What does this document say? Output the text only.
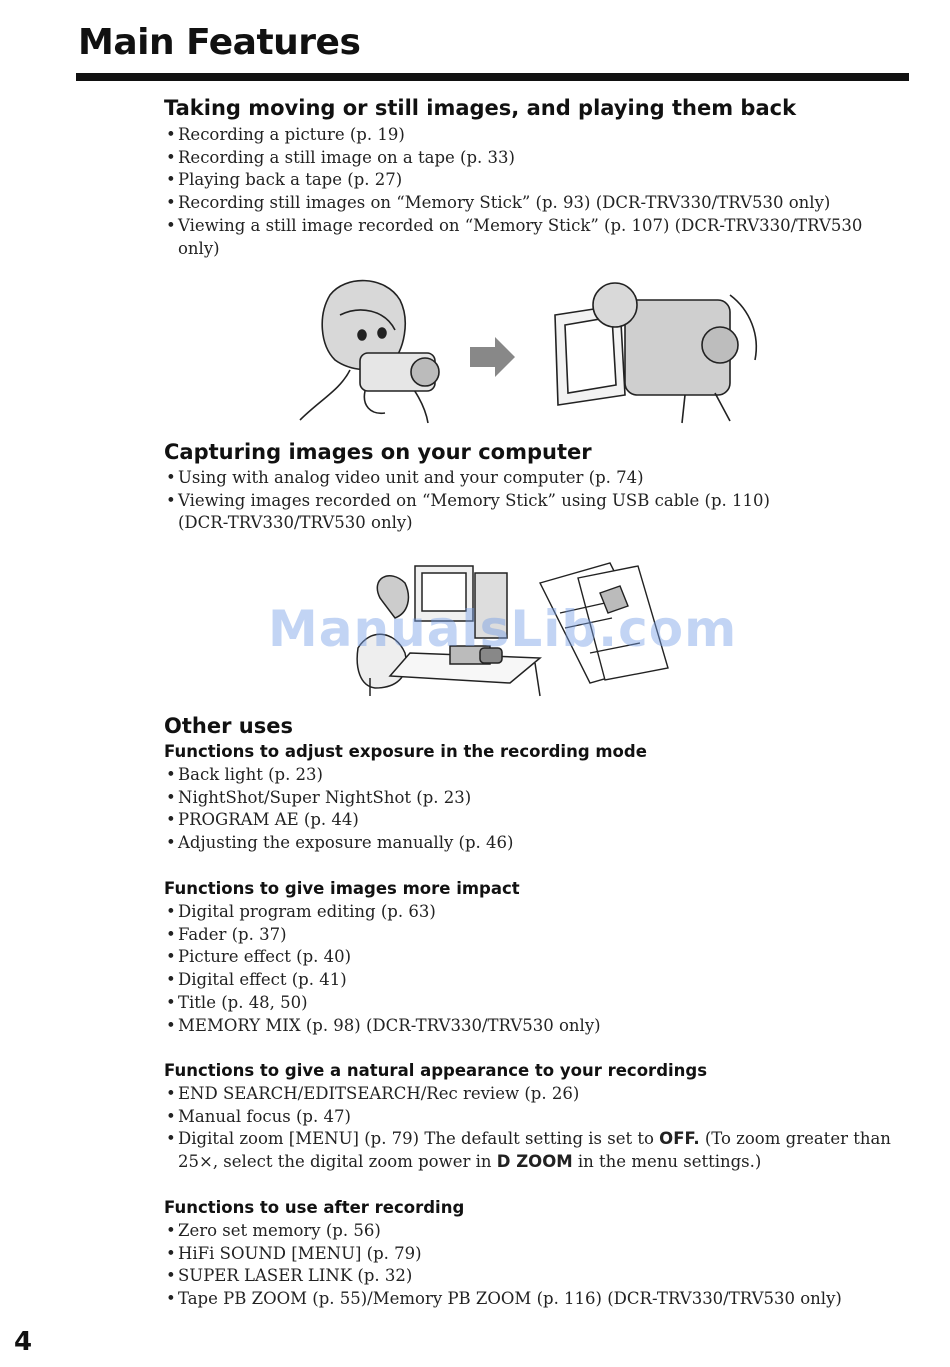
Main Features
Taking moving or still images, and playing them back
• Recording a picture (p. 19)
• Recording a still image on a tape (p. 33)
• Playing back a tape (p. 27)
• Recording still images on “Memory Stick” (p. 93) (DCR-TRV330/TRV530 only)
• Viewing a still image recorded on “Memory Stick” (p. 107) (DCR-TRV330/TRV530 only)
Capturing images on your computer
• Using with analog video unit and your computer (p. 74)
• Viewing images recorded on “Memory Stick” using USB cable (p. 110) (DCR-TRV330/TRV530 only)
ManualsLib.com
Other uses
Functions to adjust exposure in the recording mode
• Back light (p. 23)
• NightShot/Super NightShot (p. 23)
• PROGRAM AE (p. 44)
• Adjusting the exposure manually (p. 46)
Functions to give images more impact
• Digital program editing (p. 63)
• Fader (p. 37)
• Picture effect (p. 40)
• Digital effect (p. 41)
• Title (p. 48, 50)
• MEMORY MIX (p. 98) (DCR-TRV330/TRV530 only)
Functions to give a natural appearance to your recordings
• END SEARCH/EDITSEARCH/Rec review (p. 26)
• Manual focus (p. 47)
• Digital zoom [MENU] (p. 79) The default setting is set to OFF. (To zoom greater than 25×, select the digital zoom power in D ZOOM in the menu settings.)
Functions to use after recording
• Zero set memory (p. 56)
• HiFi SOUND [MENU] (p. 79)
• SUPER LASER LINK (p. 32)
• Tape PB ZOOM (p. 55)/Memory PB ZOOM (p. 116) (DCR-TRV330/TRV530 only)
4
